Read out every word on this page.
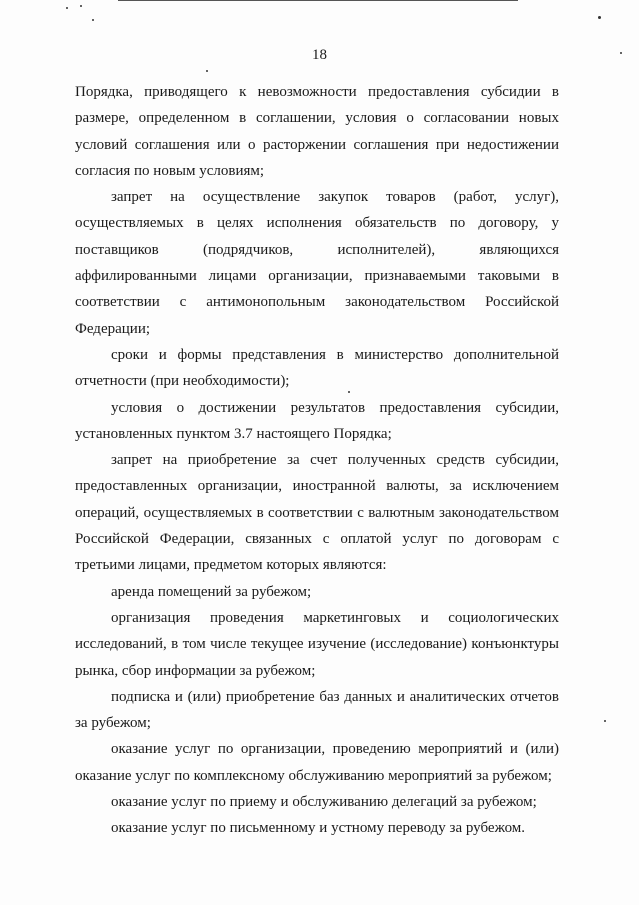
18

Порядка, приводящего к невозможности предоставления субсидии в размере, определенном в соглашении, условия о согласовании новых условий соглашения или о расторжении соглашения при недостижении согласия по новым условиям;

запрет на осуществление закупок товаров (работ, услуг), осуществляемых в целях исполнения обязательств по договору, у поставщиков (подрядчиков, исполнителей), являющихся аффилированными лицами организации, признаваемыми таковыми в соответствии с антимонопольным законодательством Российской Федерации;

сроки и формы представления в министерство дополнительной отчетности (при необходимости);

условия о достижении результатов предоставления субсидии, установленных пунктом 3.7 настоящего Порядка;

запрет на приобретение за счет полученных средств субсидии, предоставленных организации, иностранной валюты, за исключением операций, осуществляемых в соответствии с валютным законодательством Российской Федерации, связанных с оплатой услуг по договорам с третьими лицами, предметом которых являются:

аренда помещений за рубежом;

организация проведения маркетинговых и социологических исследований, в том числе текущее изучение (исследование) конъюнктуры рынка, сбор информации за рубежом;

подписка и (или) приобретение баз данных и аналитических отчетов за рубежом;

оказание услуг по организации, проведению мероприятий и (или) оказание услуг по комплексному обслуживанию мероприятий за рубежом;

оказание услуг по приему и обслуживанию делегаций за рубежом;

оказание услуг по письменному и устному переводу за рубежом.
